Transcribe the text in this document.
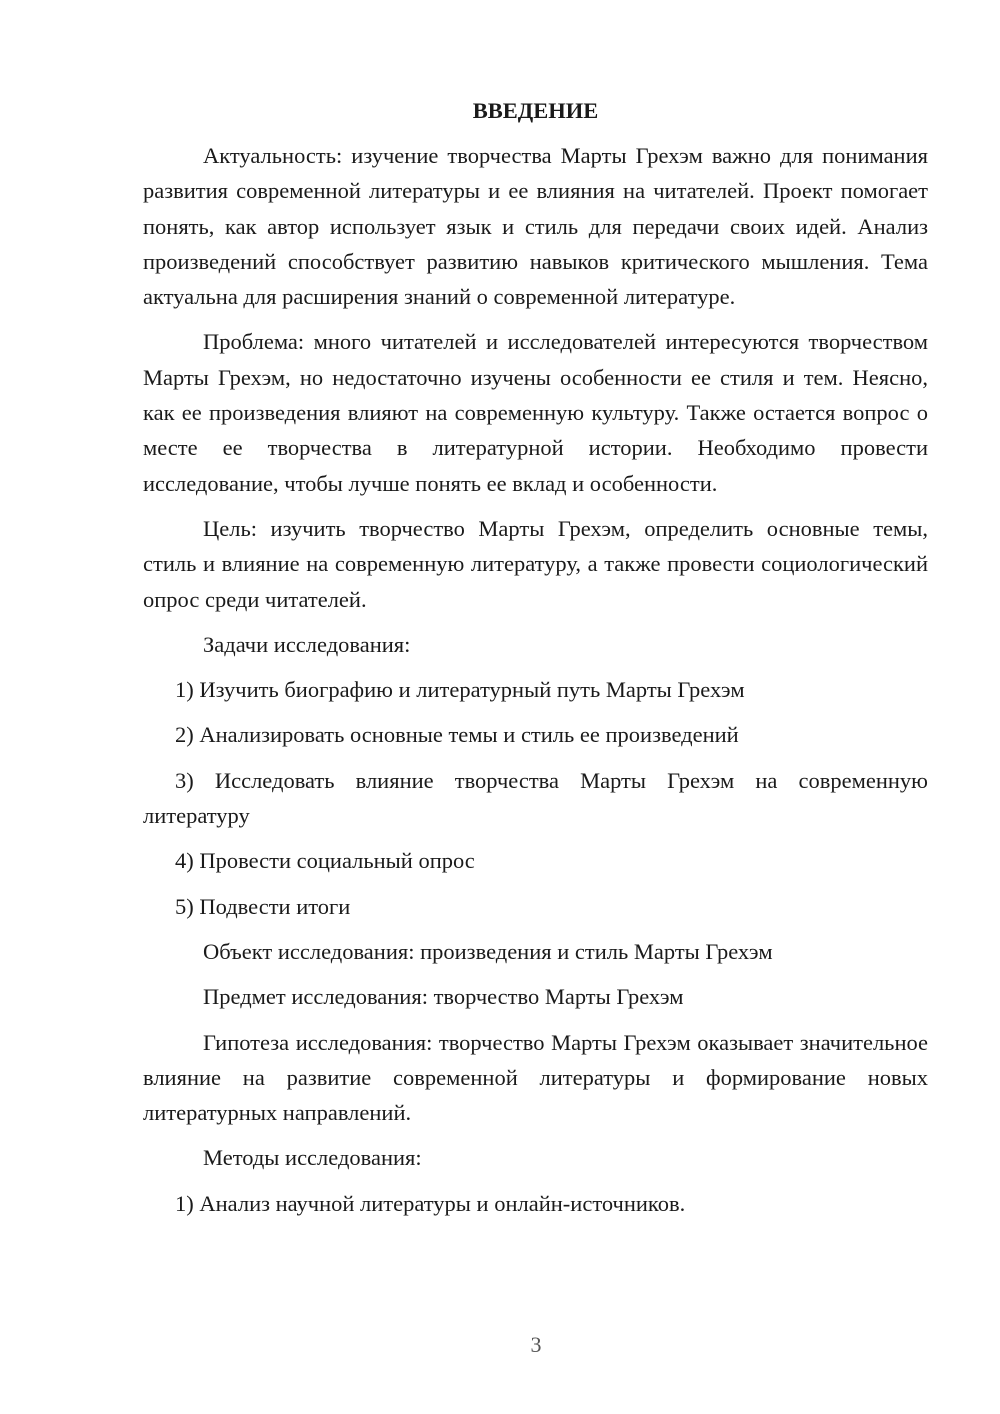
ВВЕДЕНИЕ

Актуальность: изучение творчества Марты Грехэм важно для понимания развития современной литературы и ее влияния на читателей. Проект помогает понять, как автор использует язык и стиль для передачи своих идей. Анализ произведений способствует развитию навыков критического мышления. Тема актуальна для расширения знаний о современной литературе.

Проблема: много читателей и исследователей интересуются творчеством Марты Грехэм, но недостаточно изучены особенности ее стиля и тем. Неясно, как ее произведения влияют на современную культуру. Также остается вопрос о месте ее творчества в литературной истории. Необходимо провести исследование, чтобы лучше понять ее вклад и особенности.

Цель: изучить творчество Марты Грехэм, определить основные темы, стиль и влияние на современную литературу, а также провести социологический опрос среди читателей.

Задачи исследования:
1) Изучить биографию и литературный путь Марты Грехэм
2) Анализировать основные темы и стиль ее произведений
3) Исследовать влияние творчества Марты Грехэм на современную литературу
4) Провести социальный опрос
5) Подвести итоги
Объект исследования: произведения и стиль Марты Грехэм
Предмет исследования: творчество Марты Грехэм

Гипотеза исследования: творчество Марты Грехэм оказывает значительное влияние на развитие современной литературы и формирование новых литературных направлений.

Методы исследования:
1) Анализ научной литературы и онлайн-источников.
3
